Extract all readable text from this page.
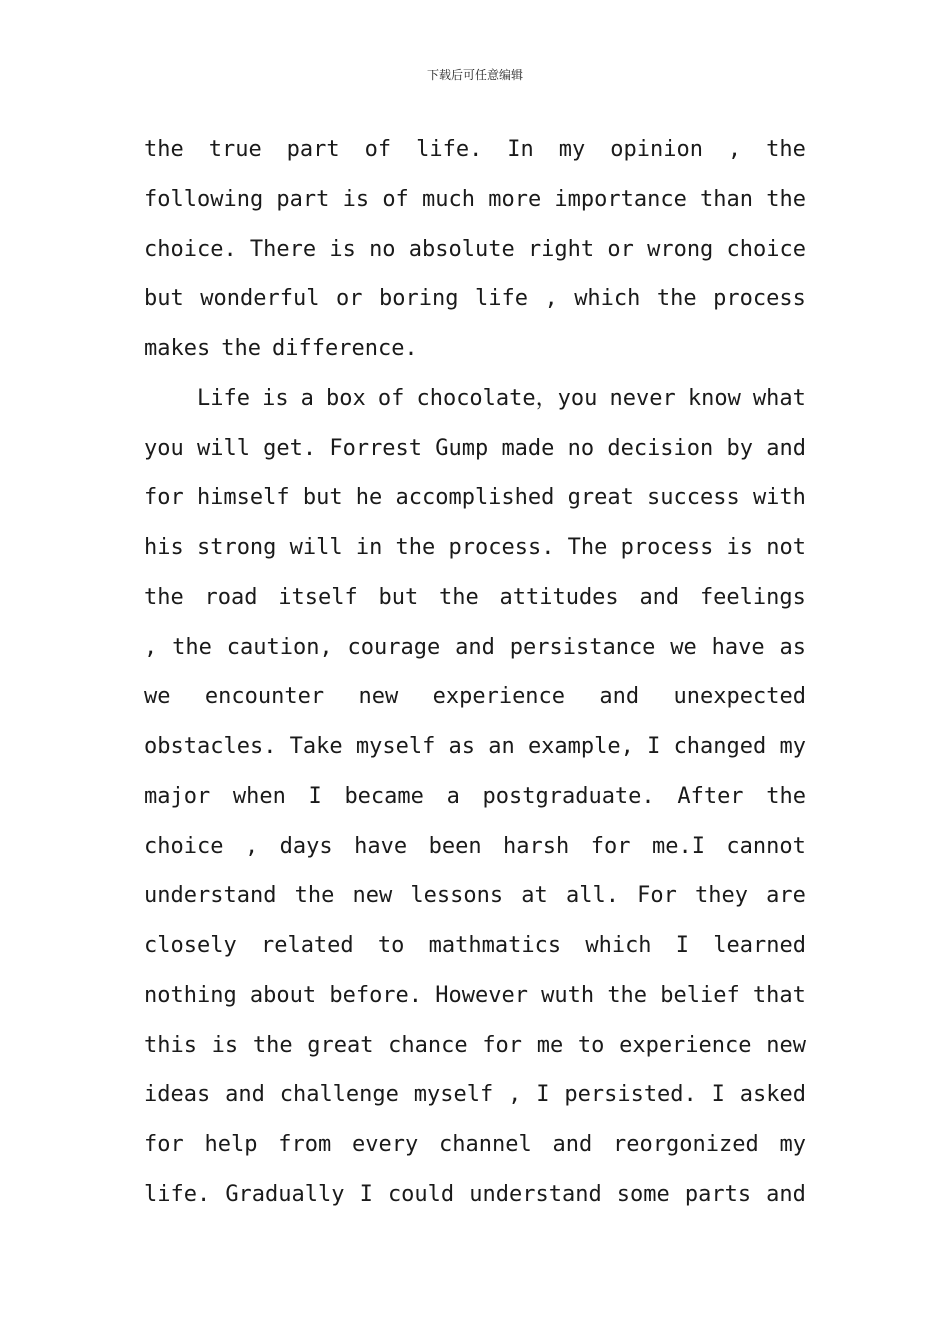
下载后可任意编辑
the true part of life. In my opinion , the
following part is of much more importance than the
choice. There is no absolute right or wrong choice
but wonderful or boring life , which the process
makes the difference.
Life is a box of chocolate，you never know what
you will get. Forrest Gump made no decision by and
for himself but he accomplished great success with
his strong will in the process. The process is not
the road itself but the attitudes and feelings
, the caution, courage and persistance we have as
we encounter new experience and unexpected
obstacles. Take myself as an example, I changed my
major when I became a postgraduate. After the
choice , days have been harsh for me.I cannot
understand the new lessons at all. For they are
closely related to mathmatics which I learned
nothing about before. However wuth the belief that
this is the great chance for me to experience new
ideas and challenge myself , I persisted. I asked
for help from every channel and reorgonized my
life. Gradually I could understand some parts and
